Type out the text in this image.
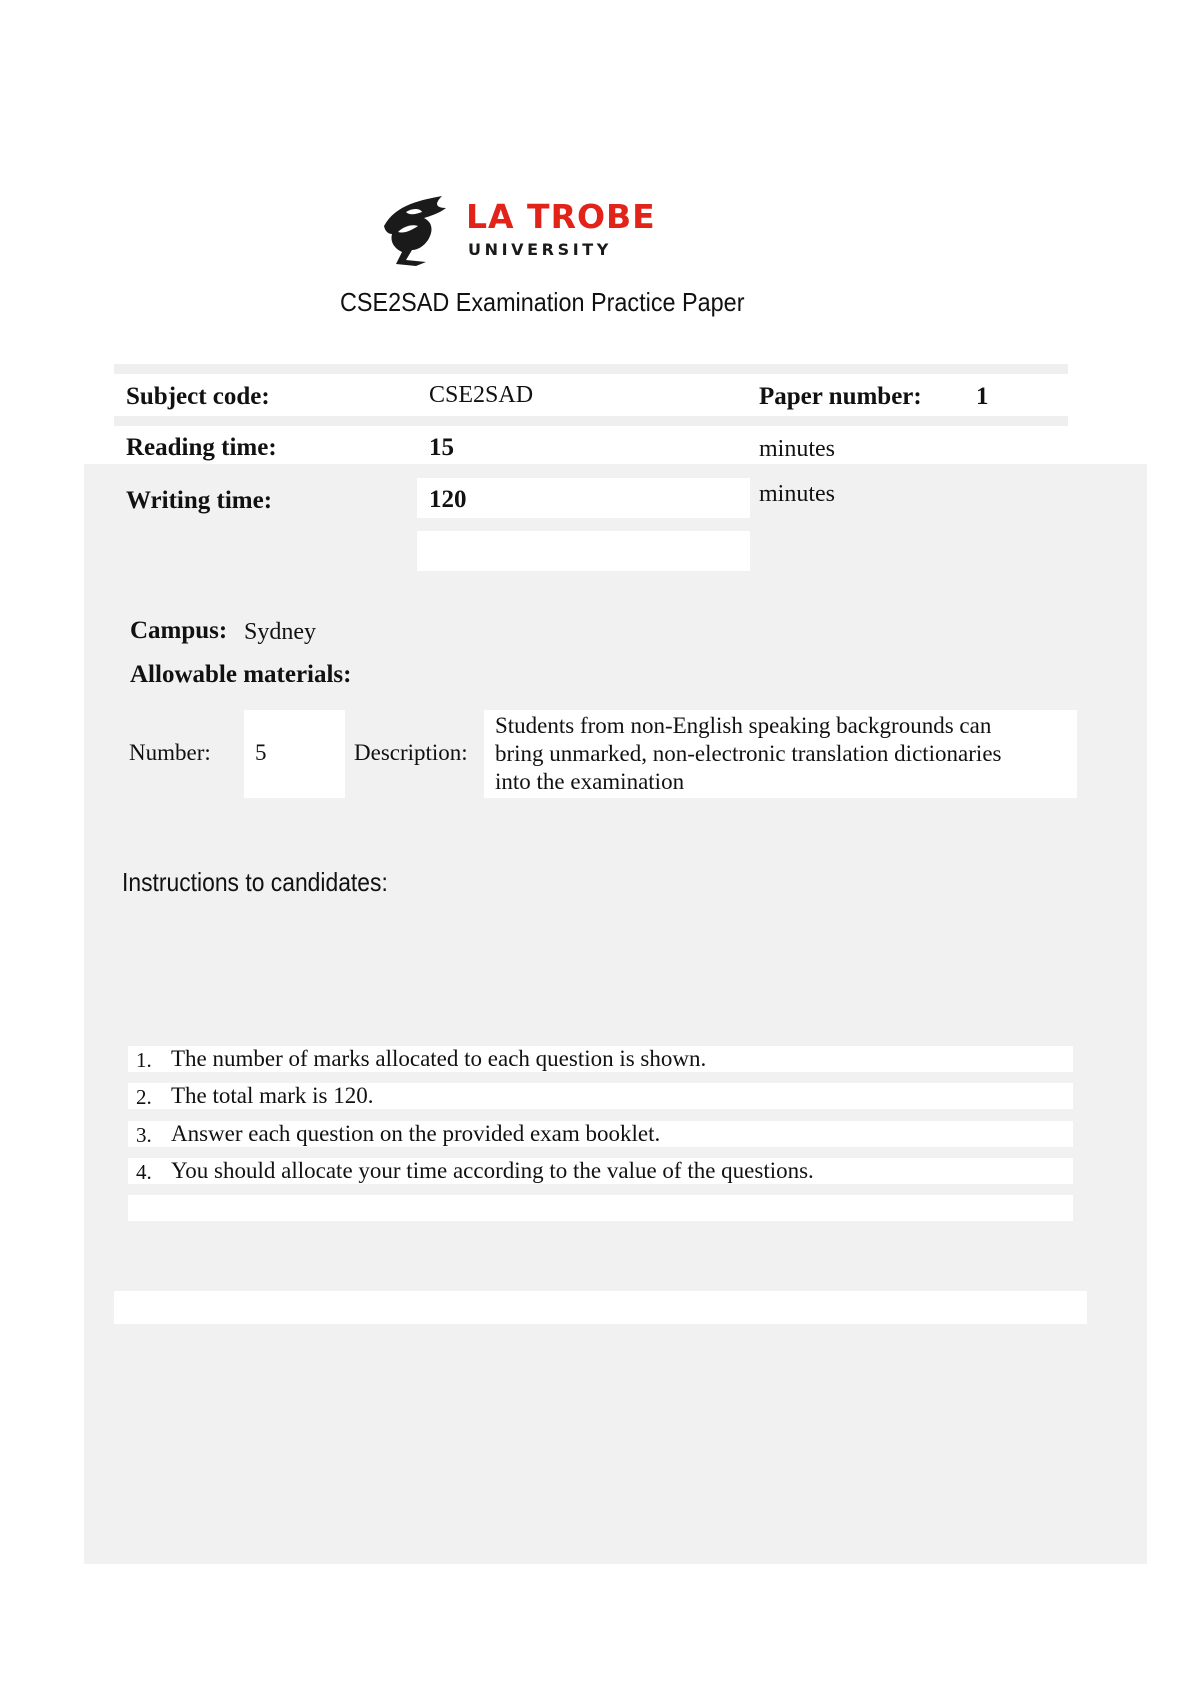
LA TROBE
UNIVERSITY
CSE2SAD Examination Practice Paper
Subject code:	CSE2SAD	Paper number: 1
Reading time:	15	minutes
Writing time:	120	minutes
Campus: Sydney
Allowable materials:
Number: 5	Description:
Students from non-English speaking backgrounds can
bring unmarked, non-electronic translation dictionaries
into the examination
Instructions to candidates:
1. The number of marks allocated to each question is shown.
2. The total mark is 120.
3. Answer each question on the provided exam booklet.
4. You should allocate your time according to the value of the questions.
